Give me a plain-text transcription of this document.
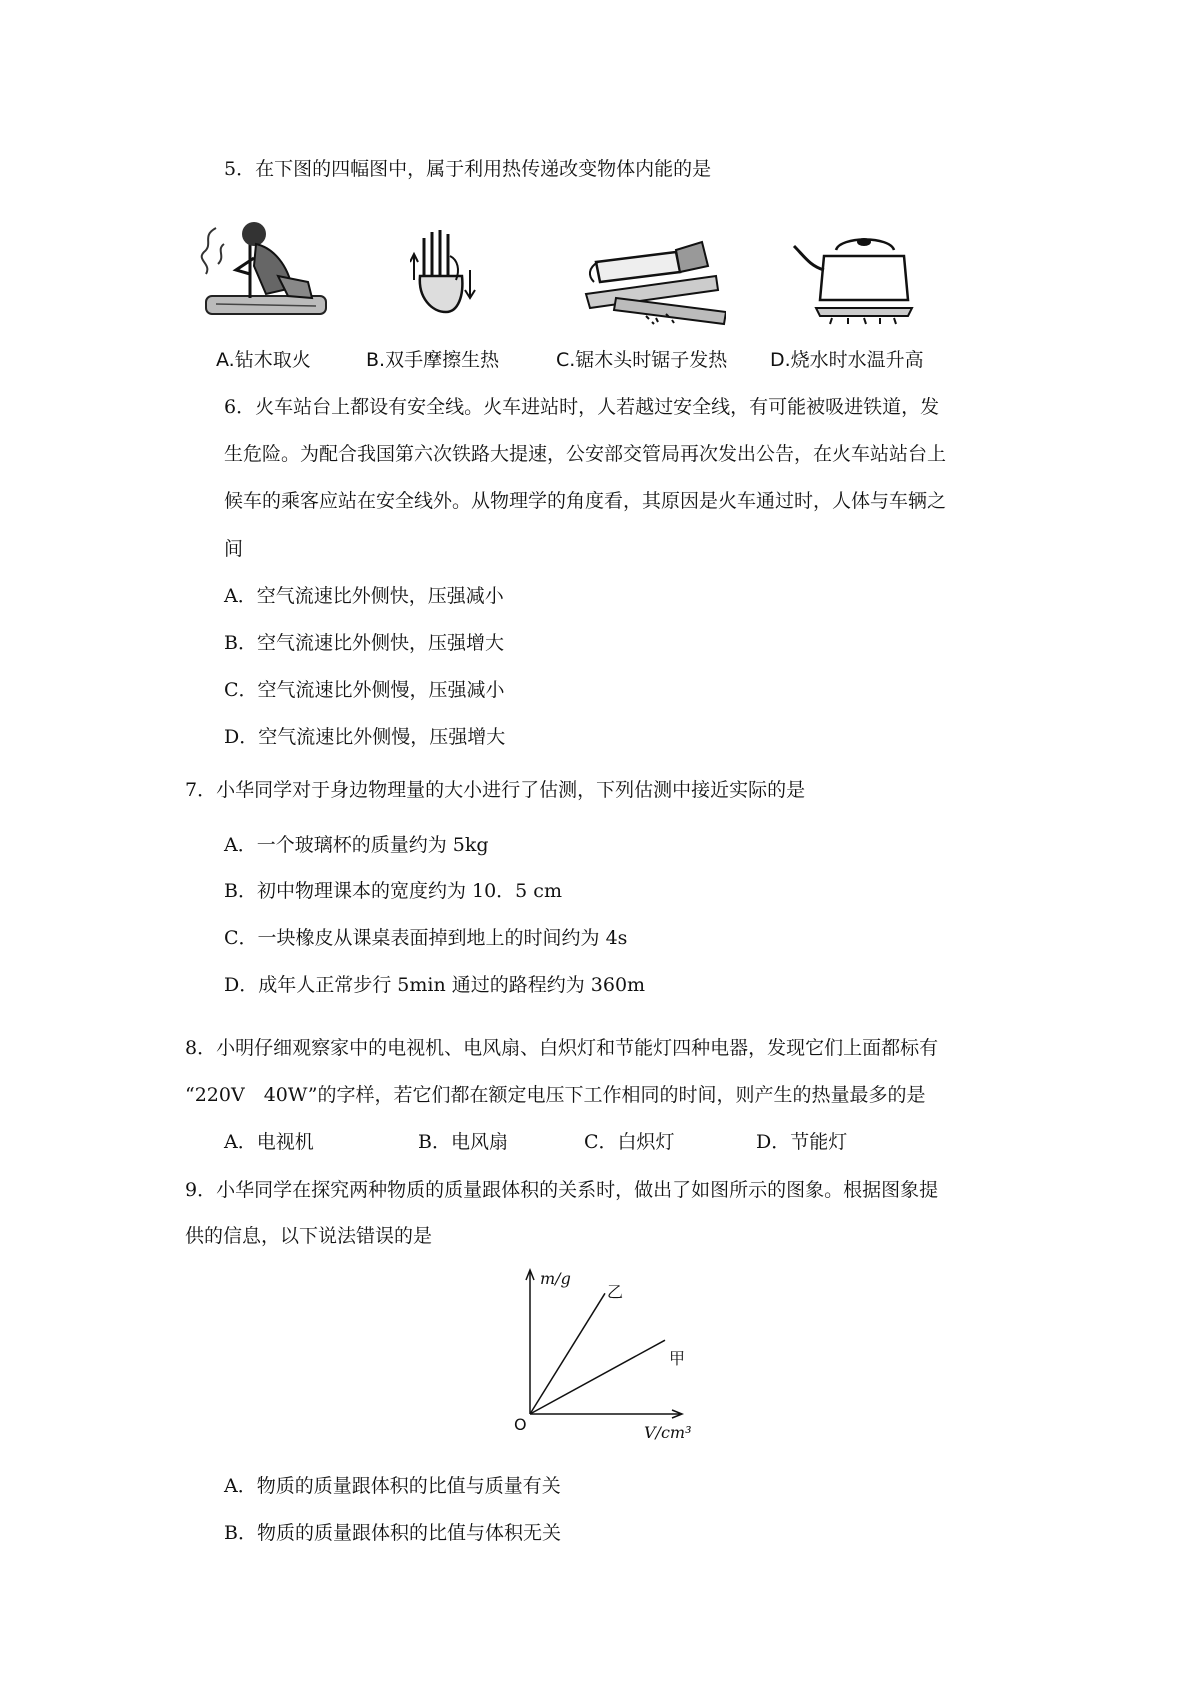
5．在下图的四幅图中，属于利用热传递改变物体内能的是
A.钻木取火	B.双手摩擦生热	C.锯木头时锯子发热 D.烧水时水温升高
6．火车站台上都设有安全线。火车进站时，人若越过安全线，有可能被吸进铁道，发
生危险。为配合我国第六次铁路大提速，公安部交管局再次发出公告，在火车站站台上
候车的乘客应站在安全线外。从物理学的角度看，其原因是火车通过时，人体与车辆之
间
A．空气流速比外侧快，压强减小
B．空气流速比外侧快，压强增大
C．空气流速比外侧慢，压强减小
D．空气流速比外侧慢，压强增大
7．小华同学对于身边物理量的大小进行了估测，下列估测中接近实际的是
A．一个玻璃杯的质量约为 5kg
B．初中物理课本的宽度约为 10．5 cm
C．一块橡皮从课桌表面掉到地上的时间约为 4s
D．成年人正常步行 5min 通过的路程约为 360m
8．小明仔细观察家中的电视机、电风扇、白炽灯和节能灯四种电器，发现它们上面都标有
“220V　40W”的字样，若它们都在额定电压下工作相同的时间，则产生的热量最多的是
A．电视机	B．电风扇	C．白炽灯	D．节能灯
9．小华同学在探究两种物质的质量跟体积的关系时，做出了如图所示的图象。根据图象提
供的信息，以下说法错误的是
m/g
V/cm³
O
乙
甲
A．物质的质量跟体积的比值与质量有关
B．物质的质量跟体积的比值与体积无关
